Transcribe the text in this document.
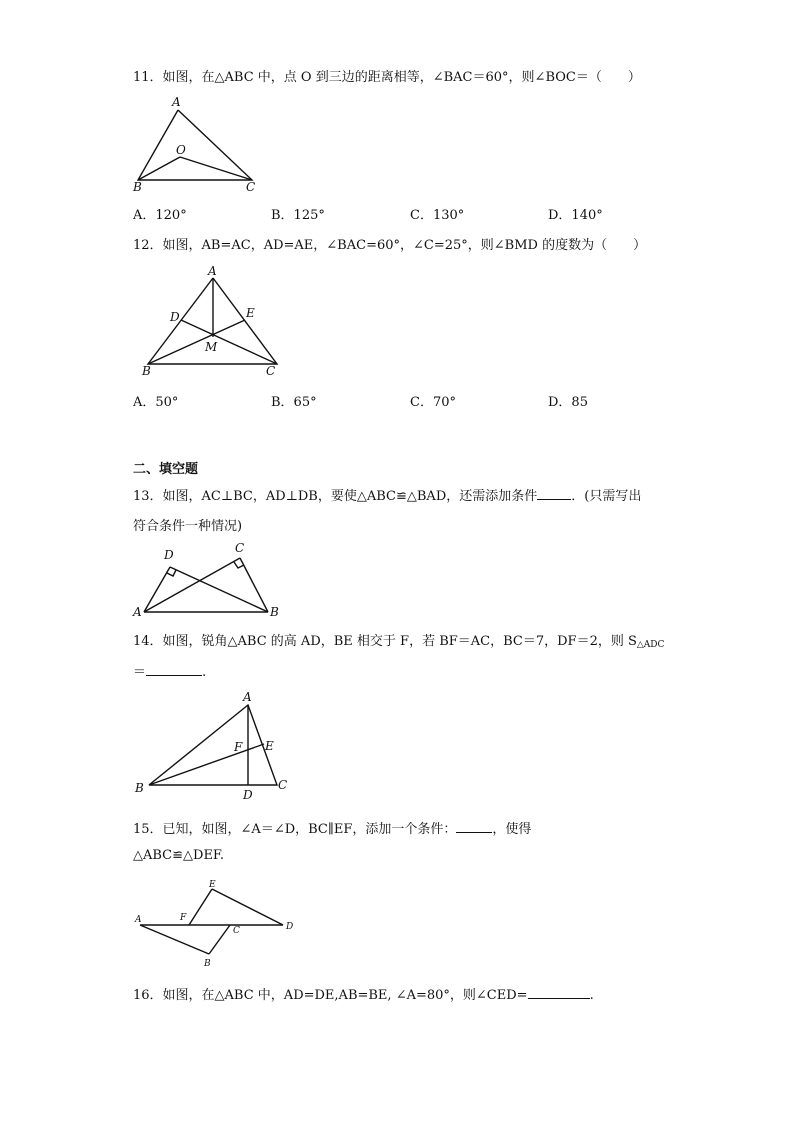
11．如图，在△ABC 中，点 O 到三边的距离相等，∠BAC＝60°，则∠BOC＝（　　）
A
O
B	C
A．120°	B．125°	C．130°	D．140°
12．如图，AB=AC，AD=AE，∠BAC=60°，∠C=25°，则∠BMD 的度数为（　　）
A
D	E
M
B	C
A．50°	B．65°	C．70°	D．85
二、填空题
13．如图，AC⊥BC，AD⊥DB，要使△ABC≌△BAD，还需添加条件	．(只需写出
符合条件一种情况)
D	C
A	B
14．如图，锐角△ABC 的高 AD，BE 相交于 F，若 BF＝AC，BC＝7，DF＝2，则 S△ADC
＝	.
A
F E
B	D
C
15．已知，如图，∠A＝∠D，BC∥EF，添加一个条件：	，使得
△ABC≌△DEF.
E
A	F
C	D
B
16．如图，在△ABC 中，AD=DE,AB=BE, ∠A=80°，则∠CED=	.
